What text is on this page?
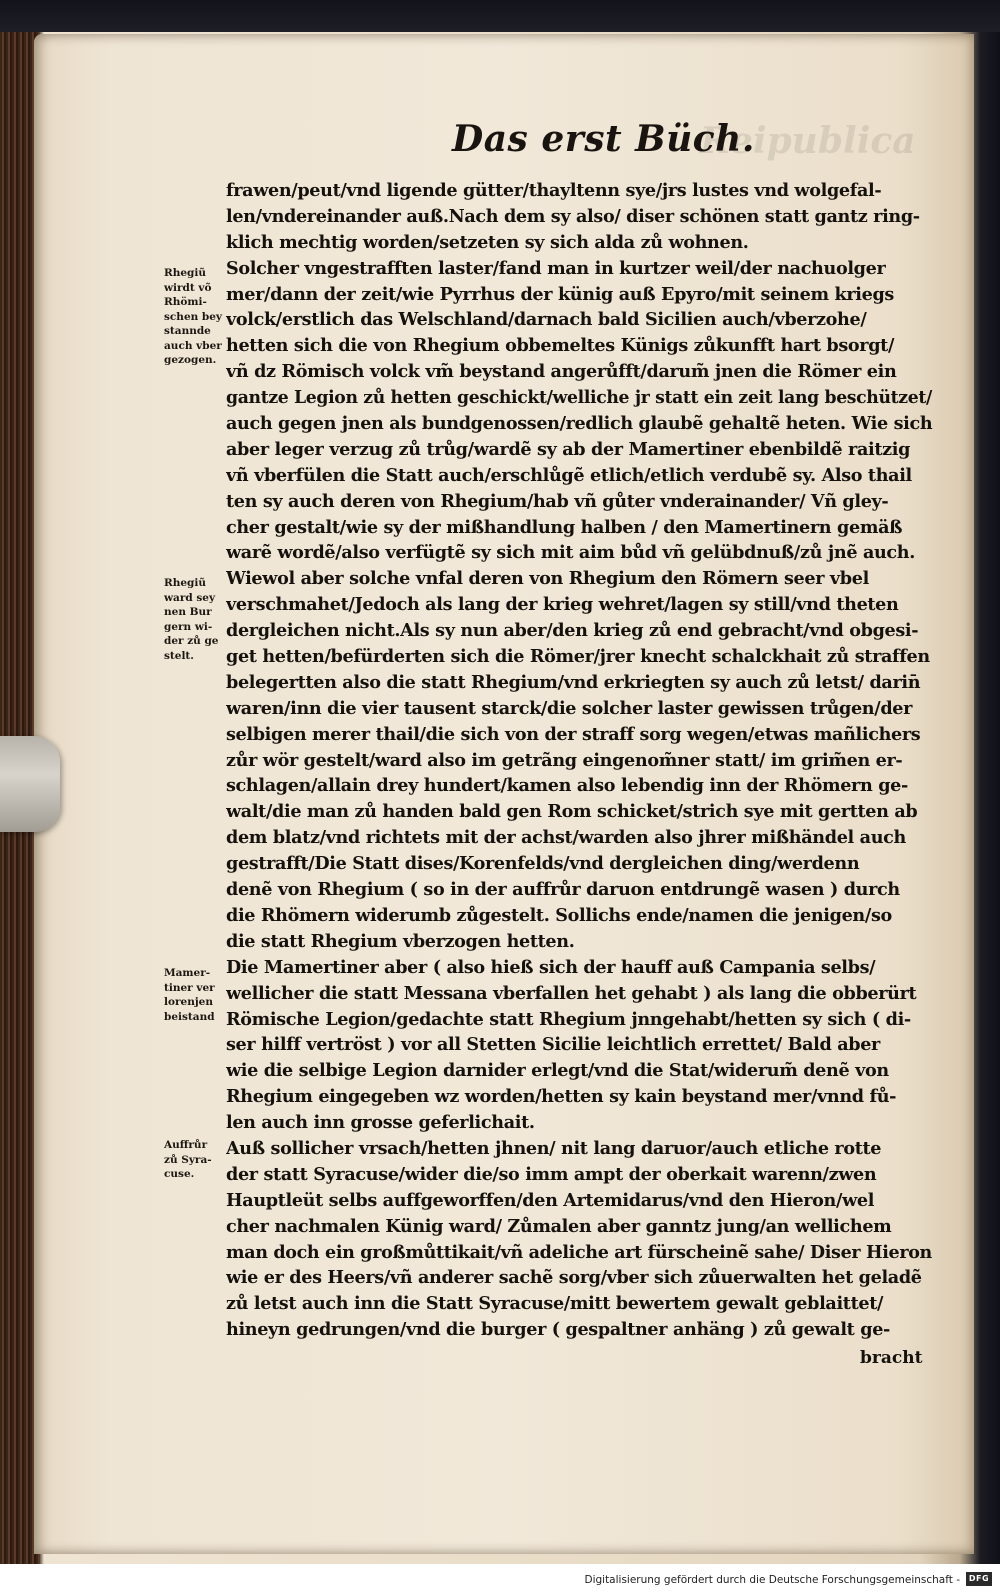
Reipublica
Das erst Büch.
frawen/peut/vnd ligende gütter/thayltenn sye/jrs lustes vnd wolgefal-
len/vndereinander auß.Nach dem sy also/ diser schönen statt gantz ring-
klich mechtig worden/setzeten sy sich alda zů wohnen.
Solcher vngestrafften laster/fand man in kurtzer weil/der nachuolger
mer/dann der zeit/wie Pyrrhus der künig auß Epyro/mit seinem kriegs
volck/erstlich das Welschland/darnach bald Sicilien auch/vberzohe/
hetten sich die von Rhegium obbemeltes Künigs zůkunfft hart bsorgt/
vñ dz Römisch volck vm̃ beystand angerůfft/darum̃ jnen die Römer ein
gantze Legion zů hetten geschickt/welliche jr statt ein zeit lang beschützet/
auch gegen jnen als bundgenossen/redlich glaubẽ gehaltẽ heten. Wie sich
aber leger verzug zů trůg/wardẽ sy ab der Mamertiner ebenbildẽ raitzig
vñ vberfülen die Statt auch/erschlůgẽ etlich/etlich verdubẽ sy. Also thail
ten sy auch deren von Rhegium/hab vñ gůter vnderainander/ Vñ gley-
cher gestalt/wie sy der mißhandlung halben / den Mamertinern gemäß
warẽ wordẽ/also verfügtẽ sy sich mit aim bůd vñ gelübdnuß/zů jnẽ auch.
Wiewol aber solche vnfal deren von Rhegium den Römern seer vbel
verschmahet/Jedoch als lang der krieg wehret/lagen sy still/vnd theten
dergleichen nicht.Als sy nun aber/den krieg zů end gebracht/vnd obgesi-
get hetten/befürderten sich die Römer/jrer knecht schalckhait zů straffen
belegertten also die statt Rhegium/vnd erkriegten sy auch zů letst/ darin̄
waren/inn die vier tausent starck/die solcher laster gewissen trůgen/der
selbigen merer thail/die sich von der straff sorg wegen/etwas mañlichers
zůr wör gestelt/ward also im getrãng eingenom̃ner statt/ im grim̃en er-
schlagen/allain drey hundert/kamen also lebendig inn der Rhömern ge-
walt/die man zů handen bald gen Rom schicket/strich sye mit gertten ab
dem blatz/vnd richtets mit der achst/warden also jhrer mißhändel auch
gestrafft/Die Statt dises/Korenfelds/vnd dergleichen ding/werdenn
denẽ von Rhegium ( so in der auffrůr daruon entdrungẽ wasen ) durch
die Rhömern widerumb zůgestelt. Sollichs ende/namen die jenigen/so
die statt Rhegium vberzogen hetten.
Die Mamertiner aber ( also hieß sich der hauff auß Campania selbs/
wellicher die statt Messana vberfallen het gehabt ) als lang die obberürt
Römische Legion/gedachte statt Rhegium jnngehabt/hetten sy sich ( di-
ser hilff vertröst ) vor all Stetten Sicilie leichtlich errettet/ Bald aber
wie die selbige Legion darnider erlegt/vnd die Stat/widerum̃ denẽ von
Rhegium eingegeben wz worden/hetten sy kain beystand mer/vnnd fů-
len auch inn grosse geferlichait.
Auß sollicher vrsach/hetten jhnen/ nit lang daruor/auch etliche rotte
der statt Syracuse/wider die/so imm ampt der oberkait warenn/zwen
Hauptleüt selbs auffgeworffen/den Artemidarus/vnd den Hieron/wel
cher nachmalen Künig ward/ Zůmalen aber ganntz jung/an wellichem
man doch ein großmůttikait/vñ adeliche art fürscheinẽ sahe/ Diser Hieron
wie er des Heers/vñ anderer sachẽ sorg/vber sich zůuerwalten het geladẽ
zů letst auch inn die Statt Syracuse/mitt bewertem gewalt geblaittet/
hineyn gedrungen/vnd die burger ( gespaltner anhäng ) zů gewalt ge-
Rhegiũ
wirdt võ
Rhömi-
schen bey
stannde
auch vber
gezogen.
Rhegiũ
ward sey
nen Bur
gern wi-
der zů ge
stelt.
Mamer-
tiner ver
lorenjen
beistand
Auffrůr
zů Syra-
cuse.
bracht
Digitalisierung gefördert durch die Deutsche Forschungsgemeinschaft -	DFG
